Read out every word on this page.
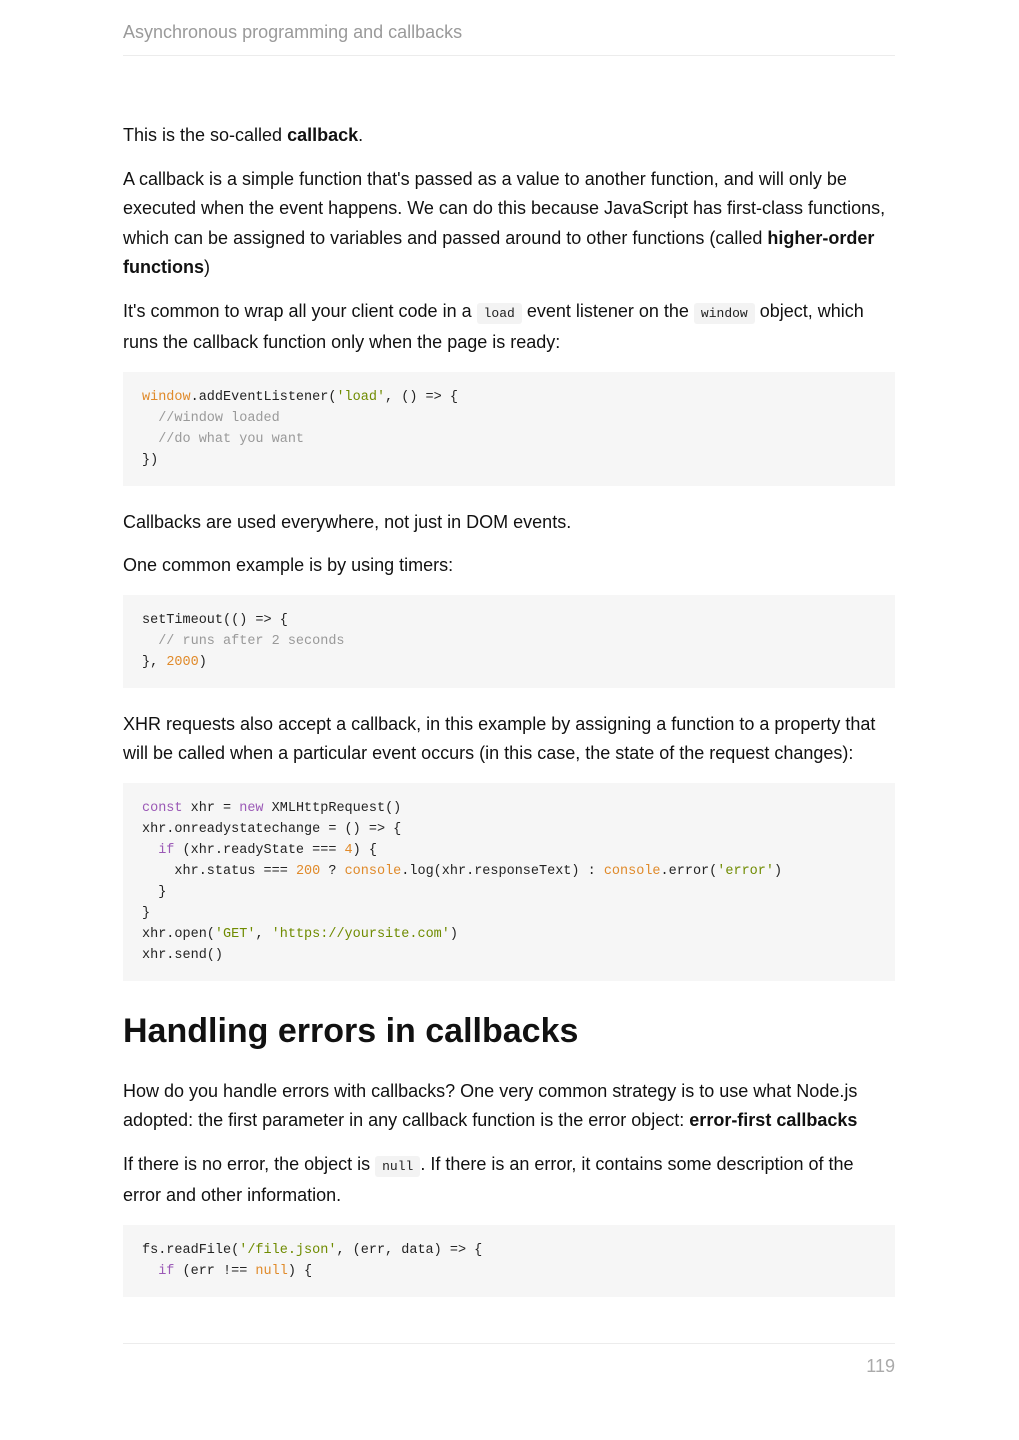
Asynchronous programming and callbacks

This is the so-called callback.

A callback is a simple function that's passed as a value to another function, and will only be executed when the event happens. We can do this because JavaScript has first-class functions, which can be assigned to variables and passed around to other functions (called higher-order functions)

It's common to wrap all your client code in a load event listener on the window object, which runs the callback function only when the page is ready:

window.addEventListener('load', () => {
//window loaded
//do what you want
})

Callbacks are used everywhere, not just in DOM events.

One common example is by using timers:

setTimeout(() => {
// runs after 2 seconds
}, 2000)

XHR requests also accept a callback, in this example by assigning a function to a property that will be called when a particular event occurs (in this case, the state of the request changes):

const xhr = new XMLHttpRequest()
xhr.onreadystatechange = () => {
if (xhr.readyState === 4) {
xhr.status === 200 ? console.log(xhr.responseText) : console.error('error')
}
}
xhr.open('GET', 'https://yoursite.com')
xhr.send()
Handling errors in callbacks

How do you handle errors with callbacks? One very common strategy is to use what Node.js adopted: the first parameter in any callback function is the error object: error-first callbacks

If there is no error, the object is null . If there is an error, it contains some description of the error and other information.

fs.readFile('/file.json', (err, data) => {
if (err !== null) {
119
